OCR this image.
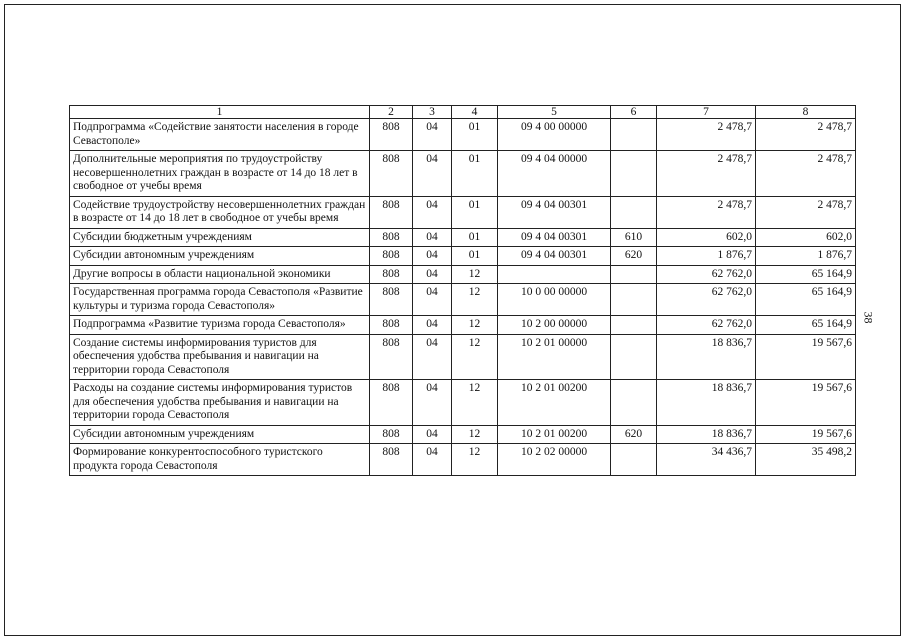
1	2	3	4	5	6	7	8
Подпрограмма «Содействие занятости населения в городе Севастополе»	808	04	01	09 4 00 00000		2 478,7	2 478,7
Дополнительные мероприятия по трудоустройству несовершеннолетних граждан в возрасте от 14 до 18 лет в свободное от учебы время	808	04	01	09 4 04 00000		2 478,7	2 478,7
Содействие трудоустройству несовершеннолетних граждан в возрасте от 14 до 18 лет в свободное от учебы время	808	04	01	09 4 04 00301		2 478,7	2 478,7
Субсидии бюджетным учреждениям	808	04	01	09 4 04 00301	610	602,0	602,0
Субсидии автономным учреждениям	808	04	01	09 4 04 00301	620	1 876,7	1 876,7
Другие вопросы в области национальной экономики	808	04	12			62 762,0	65 164,9
Государственная программа города Севастополя «Развитие культуры и туризма города Севастополя»	808	04	12	10 0 00 00000		62 762,0	65 164,9
Подпрограмма «Развитие туризма города Севастополя»	808	04	12	10 2 00 00000		62 762,0	65 164,9
Создание системы информирования туристов для обеспечения удобства пребывания и навигации на территории города Севастополя	808	04	12	10 2 01 00000		18 836,7	19 567,6
Расходы на создание системы информирования туристов для обеспечения удобства пребывания и навигации на территории города Севастополя	808	04	12	10 2 01 00200		18 836,7	19 567,6
Субсидии автономным учреждениям	808	04	12	10 2 01 00200	620	18 836,7	19 567,6
Формирование конкурентоспособного туристского продукта города Севастополя	808	04	12	10 2 02 00000		34 436,7	35 498,2
38
